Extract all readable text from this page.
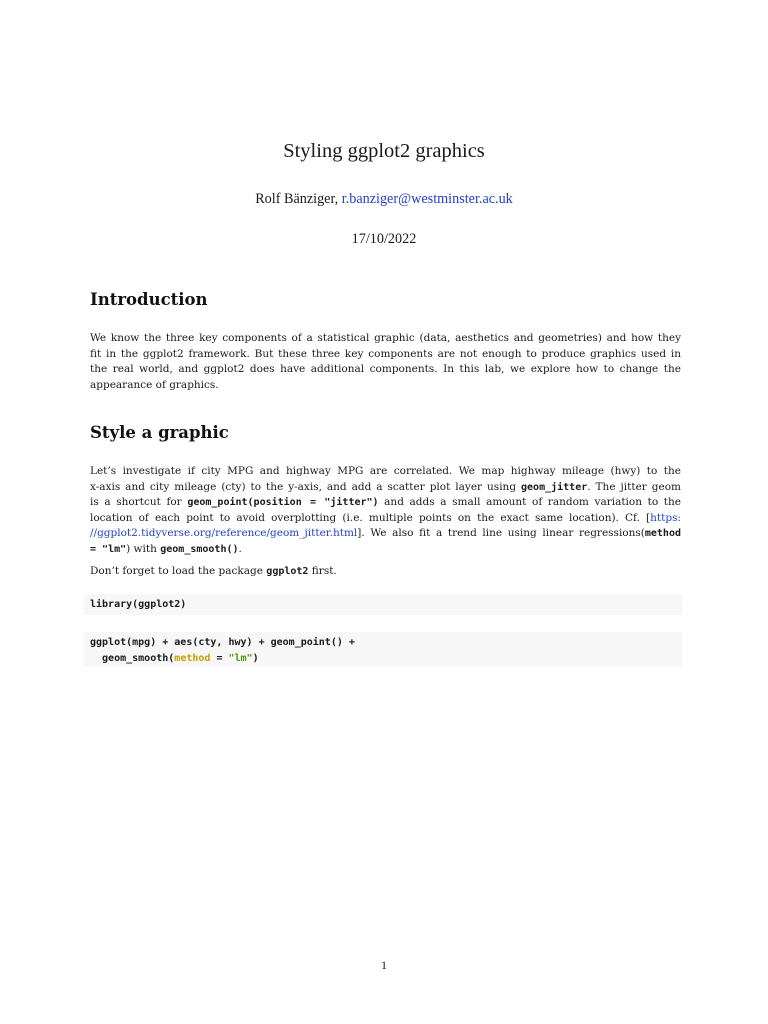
Styling ggplot2 graphics
Rolf Bänziger, r.banziger@westminster.ac.uk
17/10/2022
Introduction
We know the three key components of a statistical graphic (data, aesthetics and geometries) and how they
fit in the ggplot2 framework. But these three key components are not enough to produce graphics used in
the real world, and ggplot2 does have additional components. In this lab, we explore how to change the
appearance of graphics.
Style a graphic
Let’s investigate if city MPG and highway MPG are correlated. We map highway mileage (hwy) to the
x-axis and city mileage (cty) to the y-axis, and add a scatter plot layer using geom_jitter. The jitter geom
is a shortcut for geom_point(position = "jitter") and adds a small amount of random variation to the
location of each point to avoid overplotting (i.e. multiple points on the exact same location). Cf. [https:
//ggplot2.tidyverse.org/reference/geom_jitter.html]. We also fit a trend line using linear regressions(method
= "lm") with geom_smooth().
Don’t forget to load the package ggplot2 first.
library(ggplot2)
ggplot(mpg) + aes(cty, hwy) + geom_point() +
geom_smooth(method = "lm")
1
